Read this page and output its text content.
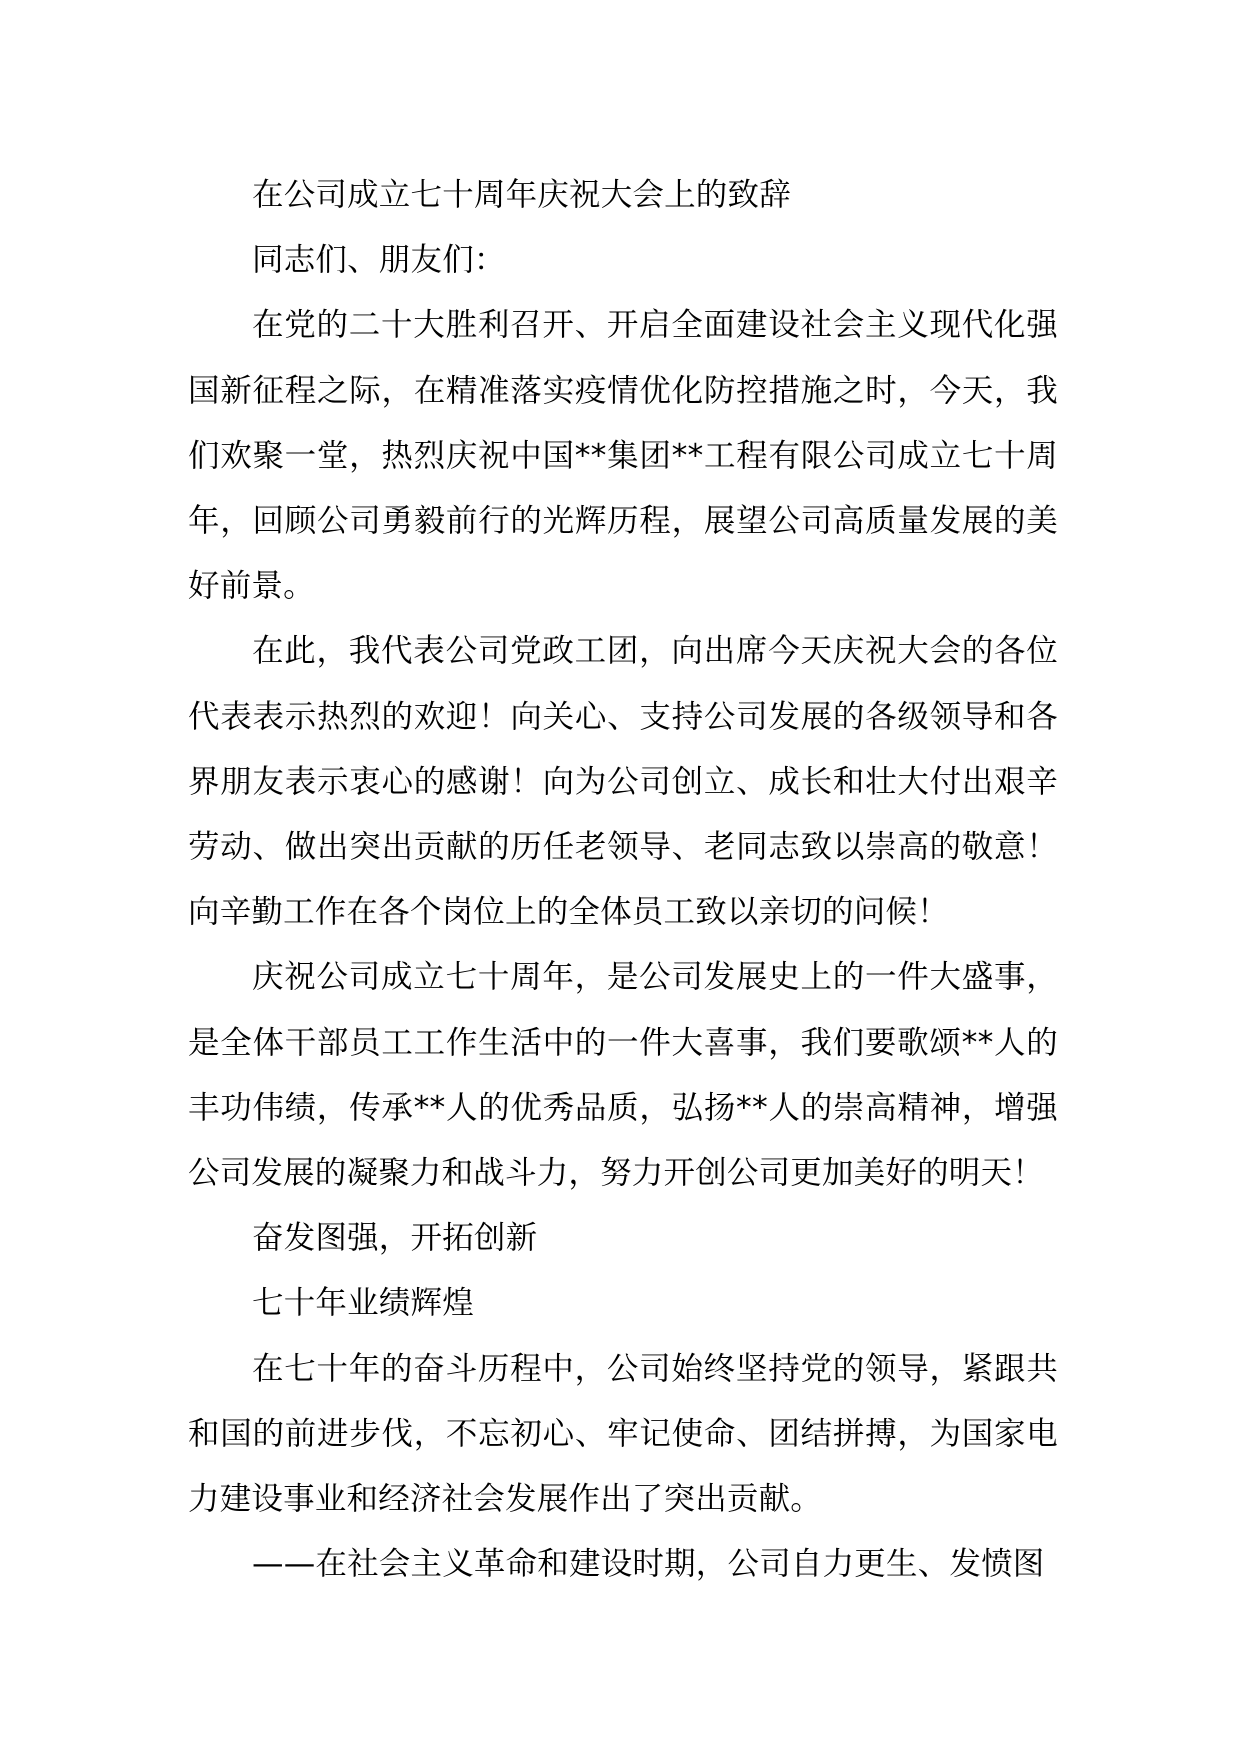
在公司成立七十周年庆祝大会上的致辞

同志们、朋友们：

在党的二十大胜利召开、开启全面建设社会主义现代化强国新征程之际，在精准落实疫情优化防控措施之时，今天，我们欢聚一堂，热烈庆祝中国**集团**工程有限公司成立七十周年，回顾公司勇毅前行的光辉历程，展望公司高质量发展的美好前景。

在此，我代表公司党政工团，向出席今天庆祝大会的各位代表表示热烈的欢迎！向关心、支持公司发展的各级领导和各界朋友表示衷心的感谢！向为公司创立、成长和壮大付出艰辛劳动、做出突出贡献的历任老领导、老同志致以崇高的敬意！向辛勤工作在各个岗位上的全体员工致以亲切的问候！

庆祝公司成立七十周年，是公司发展史上的一件大盛事，是全体干部员工工作生活中的一件大喜事，我们要歌颂**人的丰功伟绩，传承**人的优秀品质，弘扬**人的崇高精神，增强公司发展的凝聚力和战斗力，努力开创公司更加美好的明天！

奋发图强，开拓创新

七十年业绩辉煌

在七十年的奋斗历程中，公司始终坚持党的领导，紧跟共和国的前进步伐，不忘初心、牢记使命、团结拼搏，为国家电力建设事业和经济社会发展作出了突出贡献。

——在社会主义革命和建设时期，公司自力更生、发愤图
